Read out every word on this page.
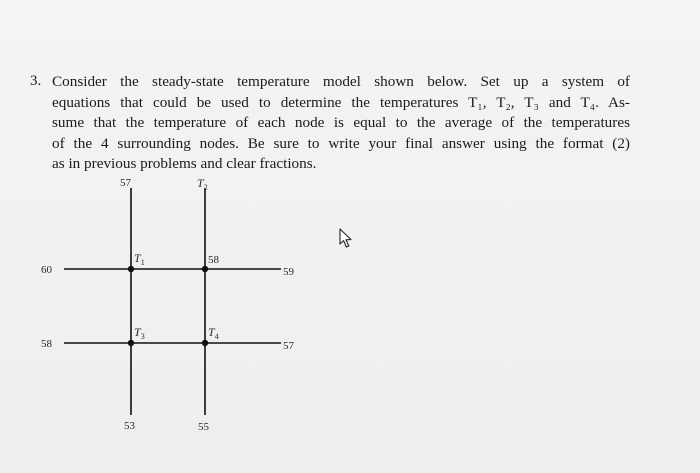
3. Consider the steady-state temperature model shown below. Set up a system of
equations that could be used to determine the temperatures T₁, T₂, T₃ and T₄. As-
sume that the temperature of each node is equal to the average of the temperatures
of the 4 surrounding nodes. Be sure to write your final answer using the format (2)
as in previous problems and clear fractions.

57	$T_2$
$T_1$	58
$T_3$	$T_4$
60	59
58	57
53	55
